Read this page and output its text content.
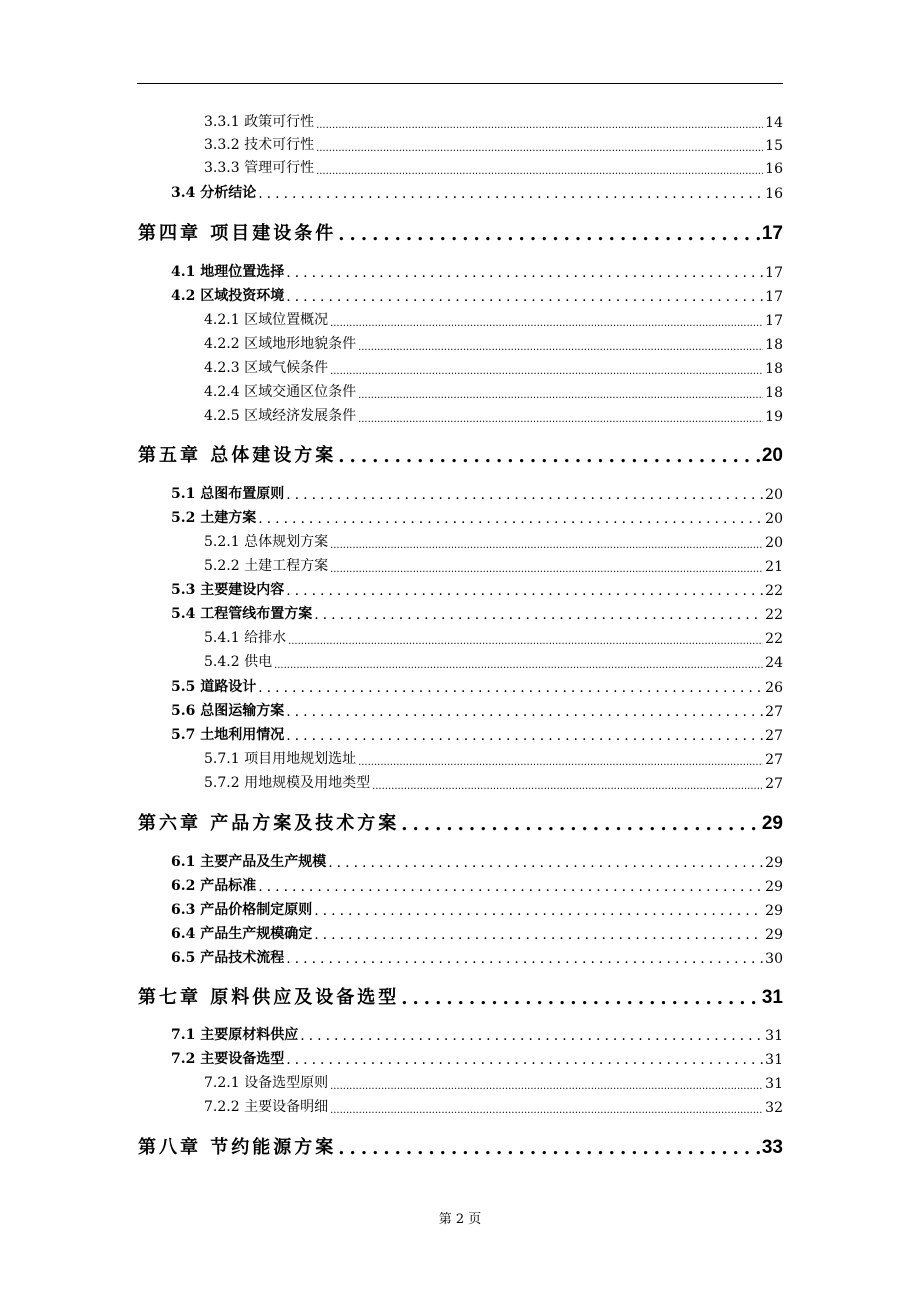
3.3.1 政策可行性 .....	14
3.3.2 技术可行性 .....	15
3.3.3 管理可行性 .....	16
3.4 分析结论 .....	16
第四章 项目建设条件 .....	17
4.1 地理位置选择 .....	17
4.2 区域投资环境 .....	17
4.2.1 区域位置概况 .....	17
4.2.2 区域地形地貌条件 .....	18
4.2.3 区域气候条件 .....	18
4.2.4 区域交通区位条件 .....	18
4.2.5 区域经济发展条件 .....	19
第五章 总体建设方案 .....	20
5.1 总图布置原则 .....	20
5.2 土建方案 .....	20
5.2.1 总体规划方案 .....	20
5.2.2 土建工程方案 .....	21
5.3 主要建设内容 .....	22
5.4 工程管线布置方案 .....	22
5.4.1 给排水 .....	22
5.4.2 供电 .....	24
5.5 道路设计 .....	26
5.6 总图运输方案 .....	27
5.7 土地利用情况 .....	27
5.7.1 项目用地规划选址 .....	27
5.7.2 用地规模及用地类型 .....	27
第六章 产品方案及技术方案 .....	29
6.1 主要产品及生产规模 .....	29
6.2 产品标准 .....	29
6.3 产品价格制定原则 .....	29
6.4 产品生产规模确定 .....	29
6.5 产品技术流程 .....	30
第七章 原料供应及设备选型 .....	31
7.1 主要原材料供应 .....	31
7.2 主要设备选型 .....	31
7.2.1 设备选型原则 .....	31
7.2.2 主要设备明细 .....	32
第八章 节约能源方案 .....	33
第 2 页
